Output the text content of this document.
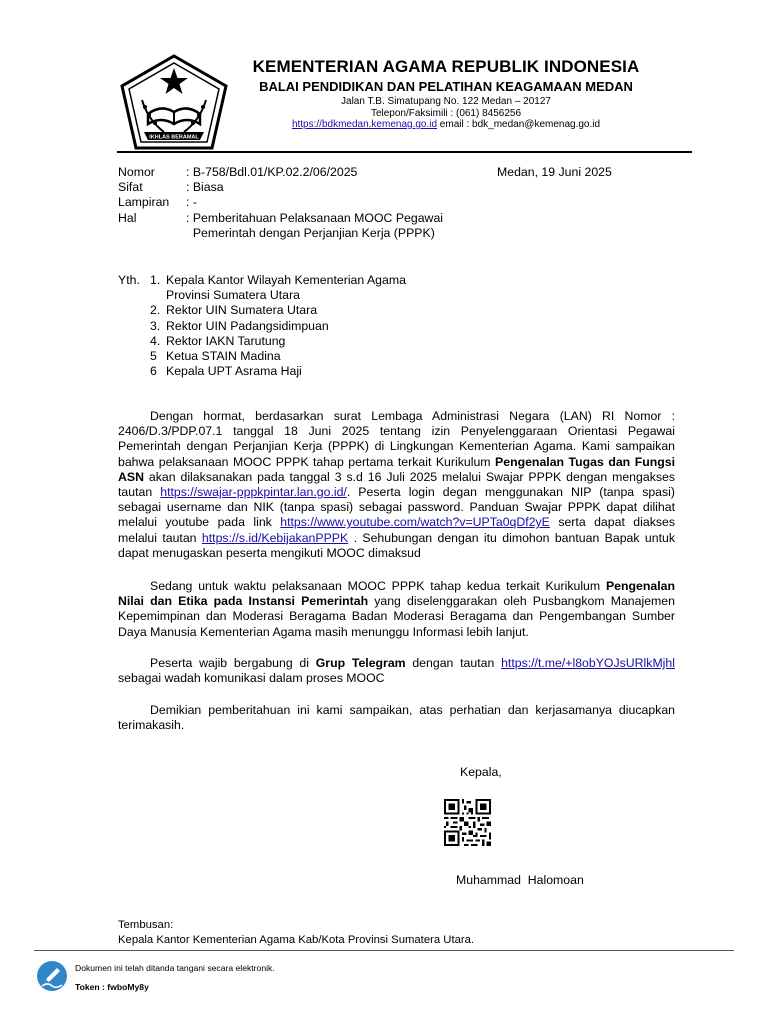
IKHLAS BERAMAL
KEMENTERIAN AGAMA REPUBLIK INDONESIA
BALAI PENDIDIKAN DAN PELATIHAN KEAGAMAAN MEDAN
Jalan T.B. Simatupang No. 122 Medan – 20127
Telepon/Faksimili : (061) 8456256
https://bdkmedan.kemenag.go.id email : bdk_medan@kemenag.go.id
Nomor	: B-758/Bdl.01/KP.02.2/06/2025
Sifat	: Biasa
Lampiran	: -
Hal	: Pemberitahuan Pelaksanaan MOOC Pegawai
Pemerintah dengan Perjanjian Kerja (PPPK)
Medan, 19 Juni 2025
Yth. 1. Kepala Kantor Wilayah Kementerian Agama
Provinsi Sumatera Utara
2. Rektor UIN Sumatera Utara
3. Rektor UIN Padangsidimpuan
4. Rektor IAKN Tarutung
5 Ketua STAIN Madina
6 Kepala UPT Asrama Haji

Dengan hormat, berdasarkan surat Lembaga Administrasi Negara (LAN) RI Nomor : 2406/D.3/PDP.07.1 tanggal 18 Juni 2025 tentang izin Penyelenggaraan Orientasi Pegawai Pemerintah dengan Perjanjian Kerja (PPPK) di Lingkungan Kementerian Agama. Kami sampaikan bahwa pelaksanaan MOOC PPPK tahap pertama terkait Kurikulum Pengenalan Tugas dan Fungsi ASN akan dilaksanakan pada tanggal 3 s.d 16 Juli 2025 melalui Swajar PPPK dengan mengakses tautan https://swajar-pppkpintar.lan.go.id/. Peserta login degan menggunakan NIP (tanpa spasi) sebagai username dan NIK (tanpa spasi) sebagai password. Panduan Swajar PPPK dapat dilihat melalui youtube pada link https://www.youtube.com/watch?v=UPTa0qDf2yE serta dapat diakses melalui tautan https://s.id/KebijakanPPPK . Sehubungan dengan itu dimohon bantuan Bapak untuk dapat menugaskan peserta mengikuti MOOC dimaksud

Sedang untuk waktu pelaksanaan MOOC PPPK tahap kedua terkait Kurikulum Pengenalan Nilai dan Etika pada Instansi Pemerintah yang diselenggarakan oleh Pusbangkom Manajemen Kepemimpinan dan Moderasi Beragama Badan Moderasi Beragama dan Pengembangan Sumber Daya Manusia Kementerian Agama masih menunggu Informasi lebih lanjut.

Peserta wajib bergabung di Grup Telegram dengan tautan https://t.me/+l8obYOJsURlkMjhl sebagai wadah komunikasi dalam proses MOOC

Demikian pemberitahuan ini kami sampaikan, atas perhatian dan kerjasamanya diucapkan terimakasih.

Kepala,
Muhammad  Halomoan
Tembusan:
Kepala Kantor Kementerian Agama Kab/Kota Provinsi Sumatera Utara.
Dokumen ini telah ditanda tangani secara elektronik.
Token : fwboMy8y
